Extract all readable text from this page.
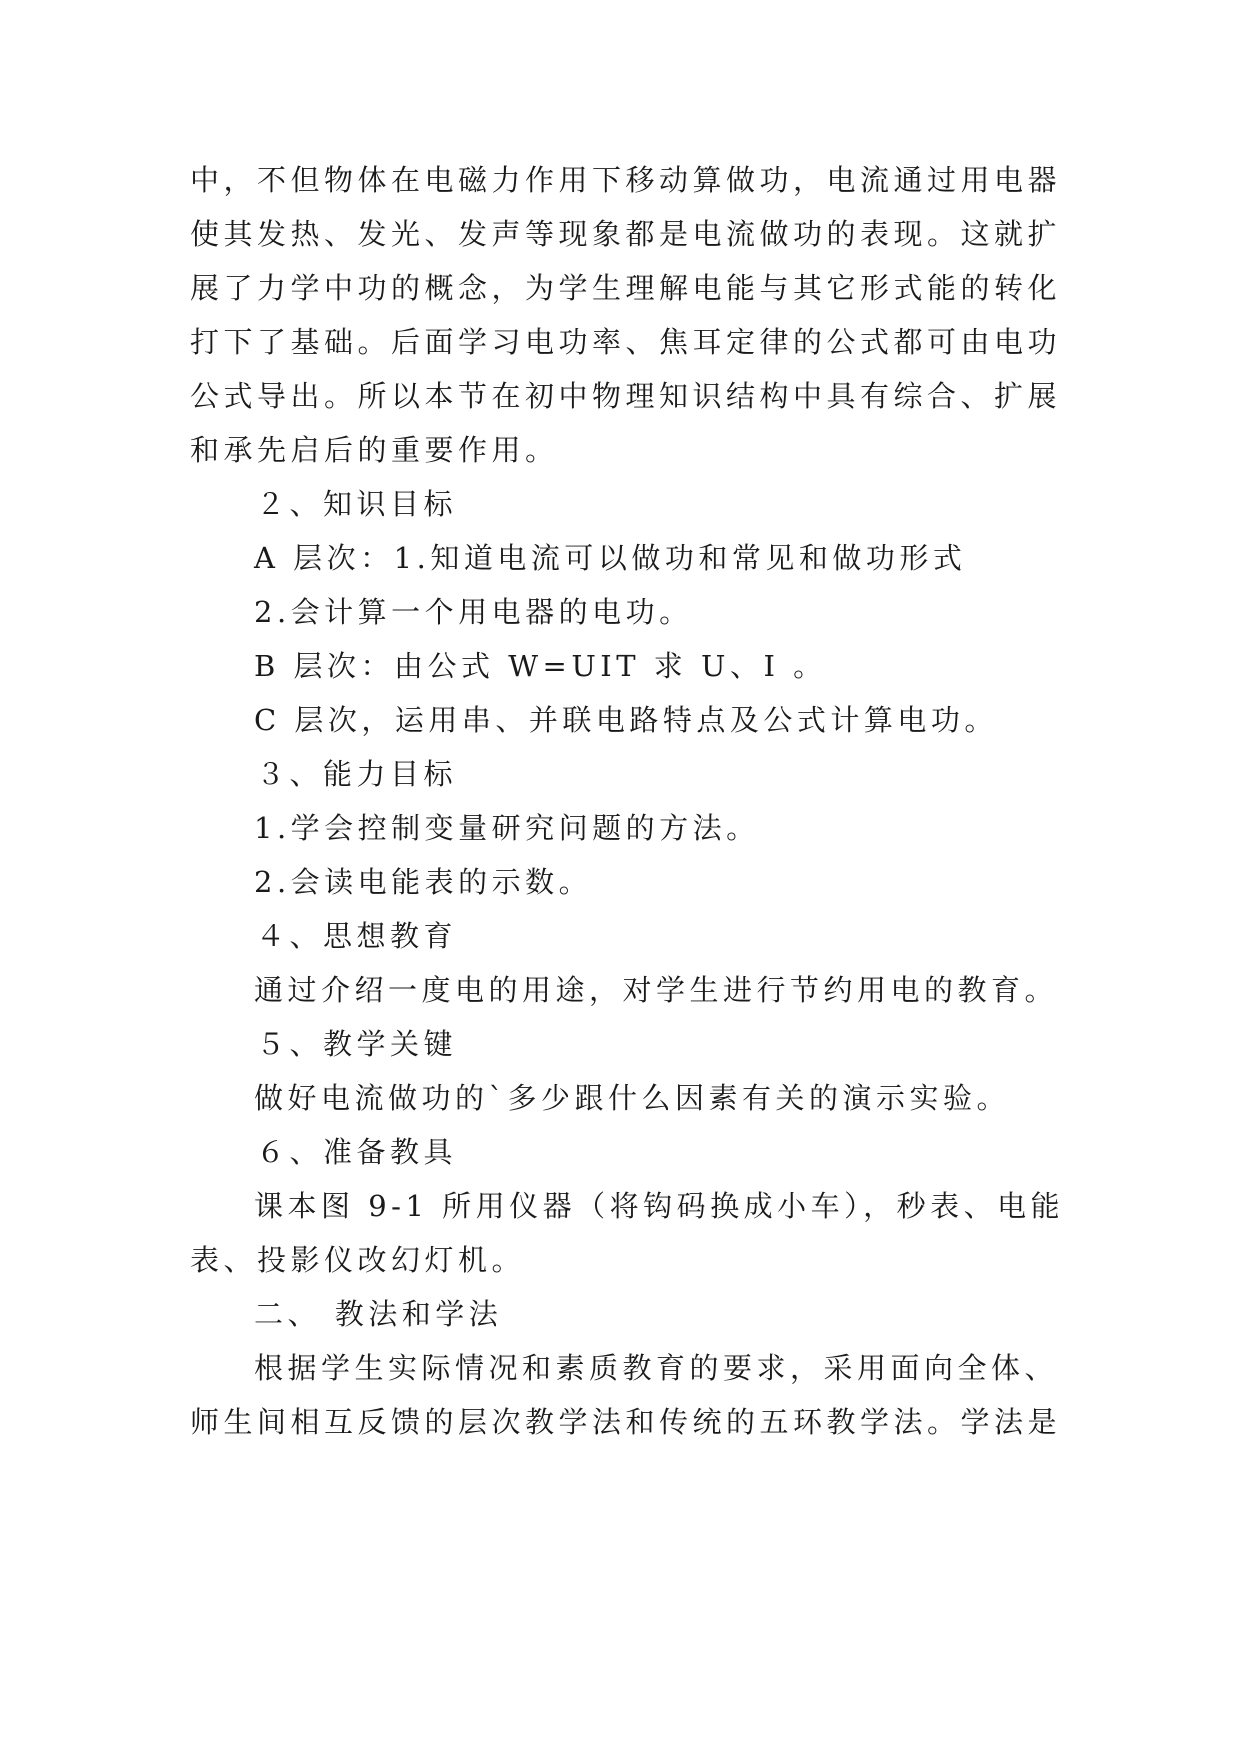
中，不但物体在电磁力作用下移动算做功，电流通过用电器
使其发热、发光、发声等现象都是电流做功的表现。这就扩
展了力学中功的概念，为学生理解电能与其它形式能的转化
打下了基础。后面学习电功率、焦耳定律的公式都可由电功
公式导出。所以本节在初中物理知识结构中具有综合、扩展
和承先启后的重要作用。
２、知识目标
A 层次：1.知道电流可以做功和常见和做功形式
2.会计算一个用电器的电功。
B 层次：由公式 W=UIT 求 U、I 。
C 层次，运用串、并联电路特点及公式计算电功。
３、能力目标
1.学会控制变量研究问题的方法。
2.会读电能表的示数。
４、思想教育
通过介绍一度电的用途，对学生进行节约用电的教育。
５、教学关键
做好电流做功的`多少跟什么因素有关的演示实验。
６、准备教具
课本图 9-1 所用仪器（将钩码换成小车），秒表、电能
表、投影仪改幻灯机。
二、 教法和学法
根据学生实际情况和素质教育的要求，采用面向全体、
师生间相互反馈的层次教学法和传统的五环教学法。学法是
